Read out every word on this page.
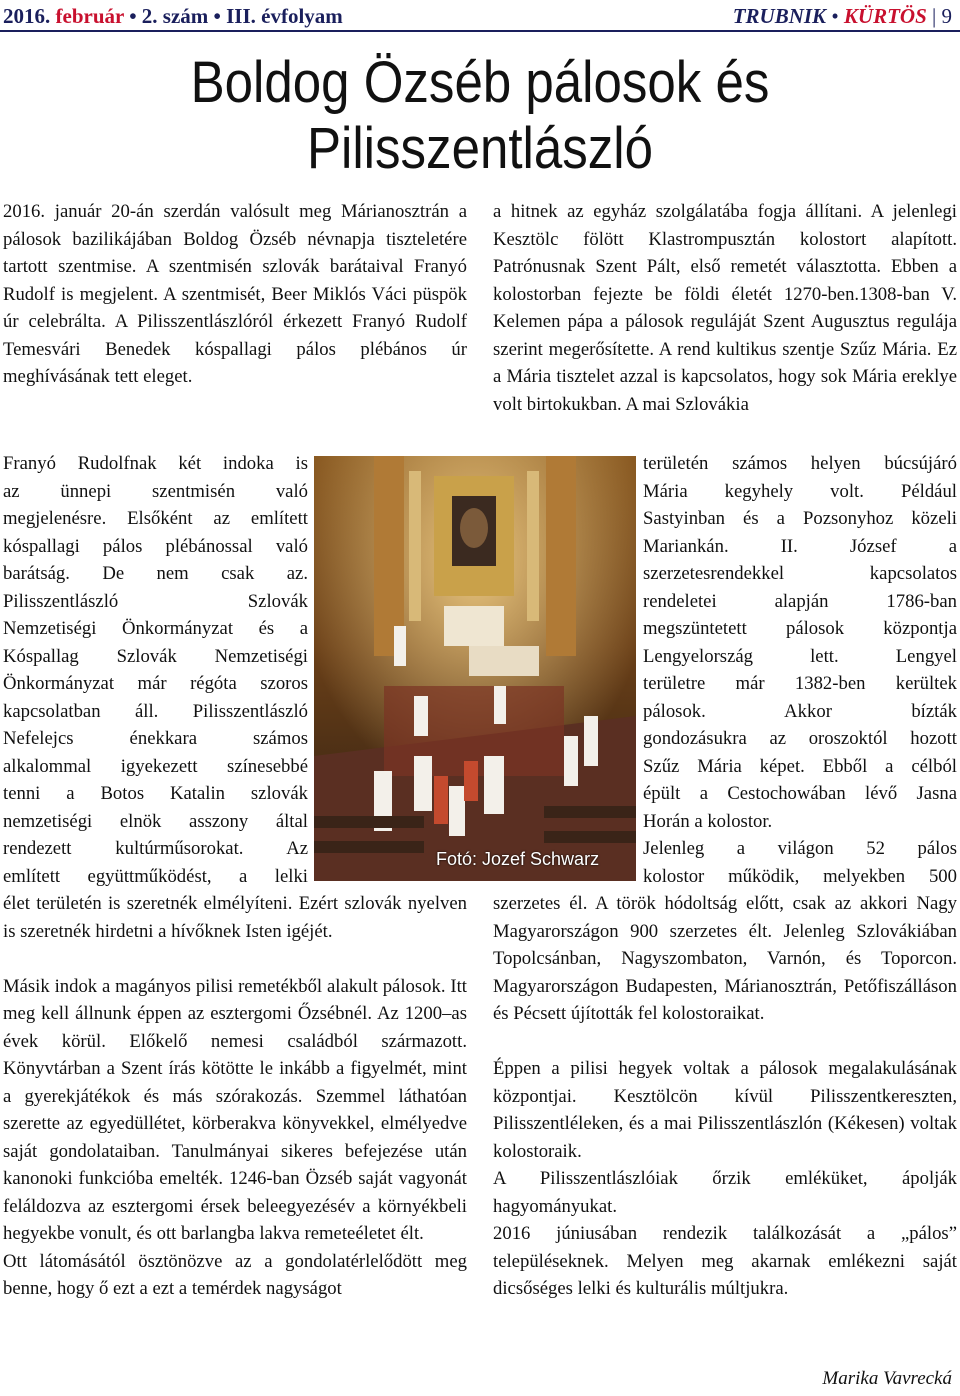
2016. február • 2. szám • III. évfolyam	TRUBNIK • KÜRTÖS | 9
Boldog Özséb pálosok és
Pilisszentlászló

2016. január 20-án szerdán valósult meg Márianosztrán a pálosok bazilikájában Boldog Özséb névnapja tiszteletére tartott szentmise. A szentmisén szlovák barátaival Franyó Rudolf is megjelent. A szentmisét, Beer Miklós Váci püspök úr celebrálta. A Pilisszentlászlóról érkezett Franyó Rudolf Temesvári Benedek kóspallagi pálos plébános úr meghívásának tett eleget.

Franyó Rudolfnak két indoka is

az ünnepi szentmisén való

megjelenésre. Elsőként az említett

kóspallagi pálos plébánossal való

barátság. De nem csak az.

Pilisszentlászló Szlovák

Nemzetiségi Önkormányzat és a

Kóspallag Szlovák Nemzetiségi

Önkormányzat már régóta szoros

kapcsolatban áll. Pilisszentlászló

Nefelejcs énekkara számos

alkalommal igyekezett színesebbé

tenni a Botos Katalin szlovák

nemzetiségi elnök asszony által

rendezett kultúrműsorokat. Az

említett együttműködést, a lelki

élet területén is szeretnék elmélyíteni. Ezért szlovák nyelven is szeretnék hirdetni a hívőknek Isten igéjét.

Másik indok a magányos pilisi remetékből alakult pálosok. Itt meg kell állnunk éppen az esztergomi Őzsébnél. Az 1200–as évek körül. Előkelő nemesi családból származott. Könyvtárban a Szent írás kötötte le inkább a figyelmét, mint a gyerekjátékok és más szórakozás. Szemmel láthatóan szerette az egyedüllétet, körberakva könyvekkel, elmélyedve saját gondolataiban. Tanulmányai sikeres befejezése után kanonoki funkcióba emelték. 1246-ban Özséb saját vagyonát feláldozva az esztergomi érsek beleegyezésév a környékbeli hegyekbe vonult, és ott barlangba lakva remeteéletet élt.

Ott látomásától ösztönözve az a gondolatérlelődött meg benne, hogy ő ezt a ezt a temérdek nagyságot

Fotó: Jozef Schwarz

a hitnek az egyház szolgálatába fogja állítani. A jelenlegi Kesztölc fölött Klastrompusztán kolostort alapított. Patrónusnak Szent Pált, első remetét választotta. Ebben a kolostorban fejezte be földi életét 1270-ben.1308-ban V. Kelemen pápa a pálosok reguláját Szent Augusztus regulája szerint megerősítette. A rend kultikus szentje Szűz Mária. Ez a Mária tisztelet azzal is kapcsolatos, hogy sok Mária ereklye volt birtokukban. A mai Szlovákia

területén számos helyen búcsújáró

Mária kegyhely volt. Például

Sastyinban és a Pozsonyhoz közeli

Mariankán. II. József a

szerzetesrendekkel kapcsolatos

rendeletei alapján 1786-ban

megszüntetett pálosok központja

Lengyelország lett. Lengyel

területre már 1382-ben kerültek

pálosok. Akkor bízták

gondozásukra az oroszoktól hozott

Szűz Mária képet. Ebből a célból

épült a Cestochowában lévő Jasna

Horán a kolostor.

Jelenleg a világon 52 pálos

kolostor működik, melyekben 500

szerzetes él. A török hódoltság előtt, csak az akkori Nagy Magyarországon 900 szerzetes élt. Jelenleg Szlovákiában Topolcsánban, Nagyszombaton, Varnón, és Toporcon. Magyarországon Budapesten, Márianosztrán, Petőfiszálláson és Pécsett újították fel kolostoraikat.

Éppen a pilisi hegyek voltak a pálosok megalakulásának központjai. Kesztölcön kívül Pilisszentkereszten, Pilisszentléleken, és a mai Pilisszentlászlón (Kékesen) voltak kolostoraik.

A Pilisszentlászlóiak őrzik emléküket, ápolják hagyományukat.

2016 júniusában rendezik találkozását a „pálos” településeknek. Melyen meg akarnak emlékezni saját dicsőséges lelki és kulturális múltjukra.

Marika Vavrecká
